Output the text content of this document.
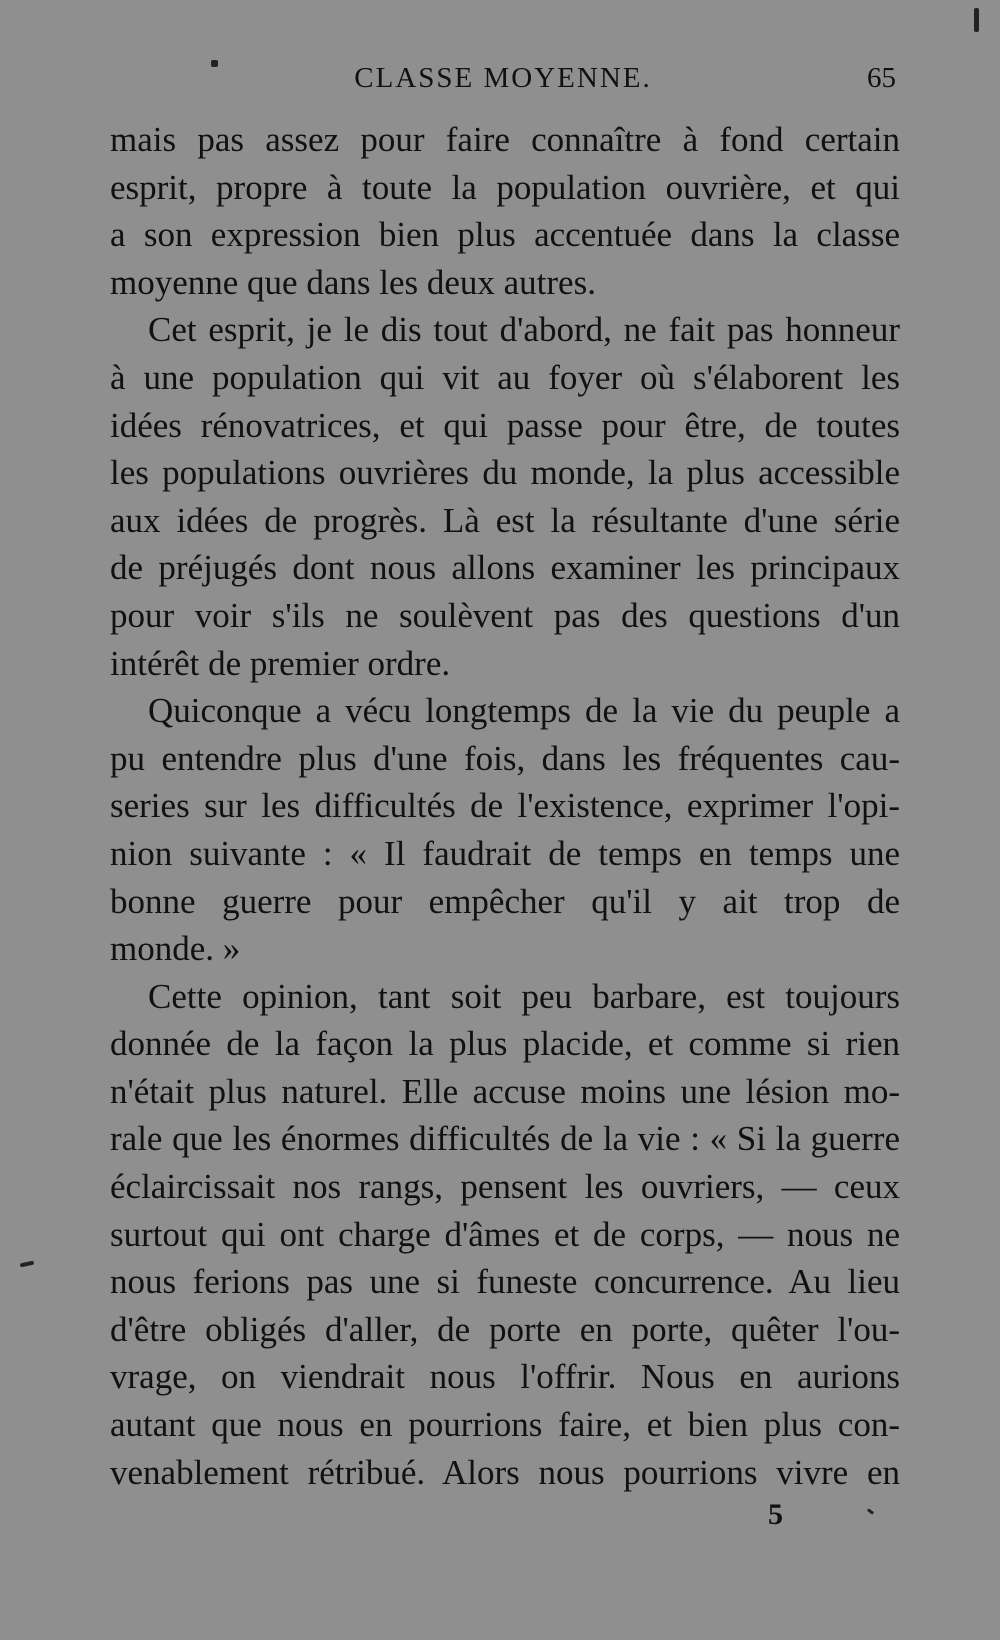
CLASSE MOYENNE.	65
mais pas assez pour faire connaître à fond certain
esprit, propre à toute la population ouvrière, et qui
a son expression bien plus accentuée dans la classe
moyenne que dans les deux autres.
Cet esprit, je le dis tout d'abord, ne fait pas honneur
à une population qui vit au foyer où s'élaborent les
idées rénovatrices, et qui passe pour être, de toutes
les populations ouvrières du monde, la plus accessible
aux idées de progrès. Là est la résultante d'une série
de préjugés dont nous allons examiner les principaux
pour voir s'ils ne soulèvent pas des questions d'un
intérêt de premier ordre.
Quiconque a vécu longtemps de la vie du peuple a
pu entendre plus d'une fois, dans les fréquentes cau-
series sur les difficultés de l'existence, exprimer l'opi-
nion suivante : « Il faudrait de temps en temps une
bonne guerre pour empêcher qu'il y ait trop de
monde. »
Cette opinion, tant soit peu barbare, est toujours
donnée de la façon la plus placide, et comme si rien
n'était plus naturel. Elle accuse moins une lésion mo-
rale que les énormes difficultés de la vie : « Si la guerre
éclaircissait nos rangs, pensent les ouvriers, — ceux
surtout qui ont charge d'âmes et de corps, — nous ne
nous ferions pas une si funeste concurrence. Au lieu
d'être obligés d'aller, de porte en porte, quêter l'ou-
vrage, on viendrait nous l'offrir. Nous en aurions
autant que nous en pourrions faire, et bien plus con-
venablement rétribué. Alors nous pourrions vivre en
5
